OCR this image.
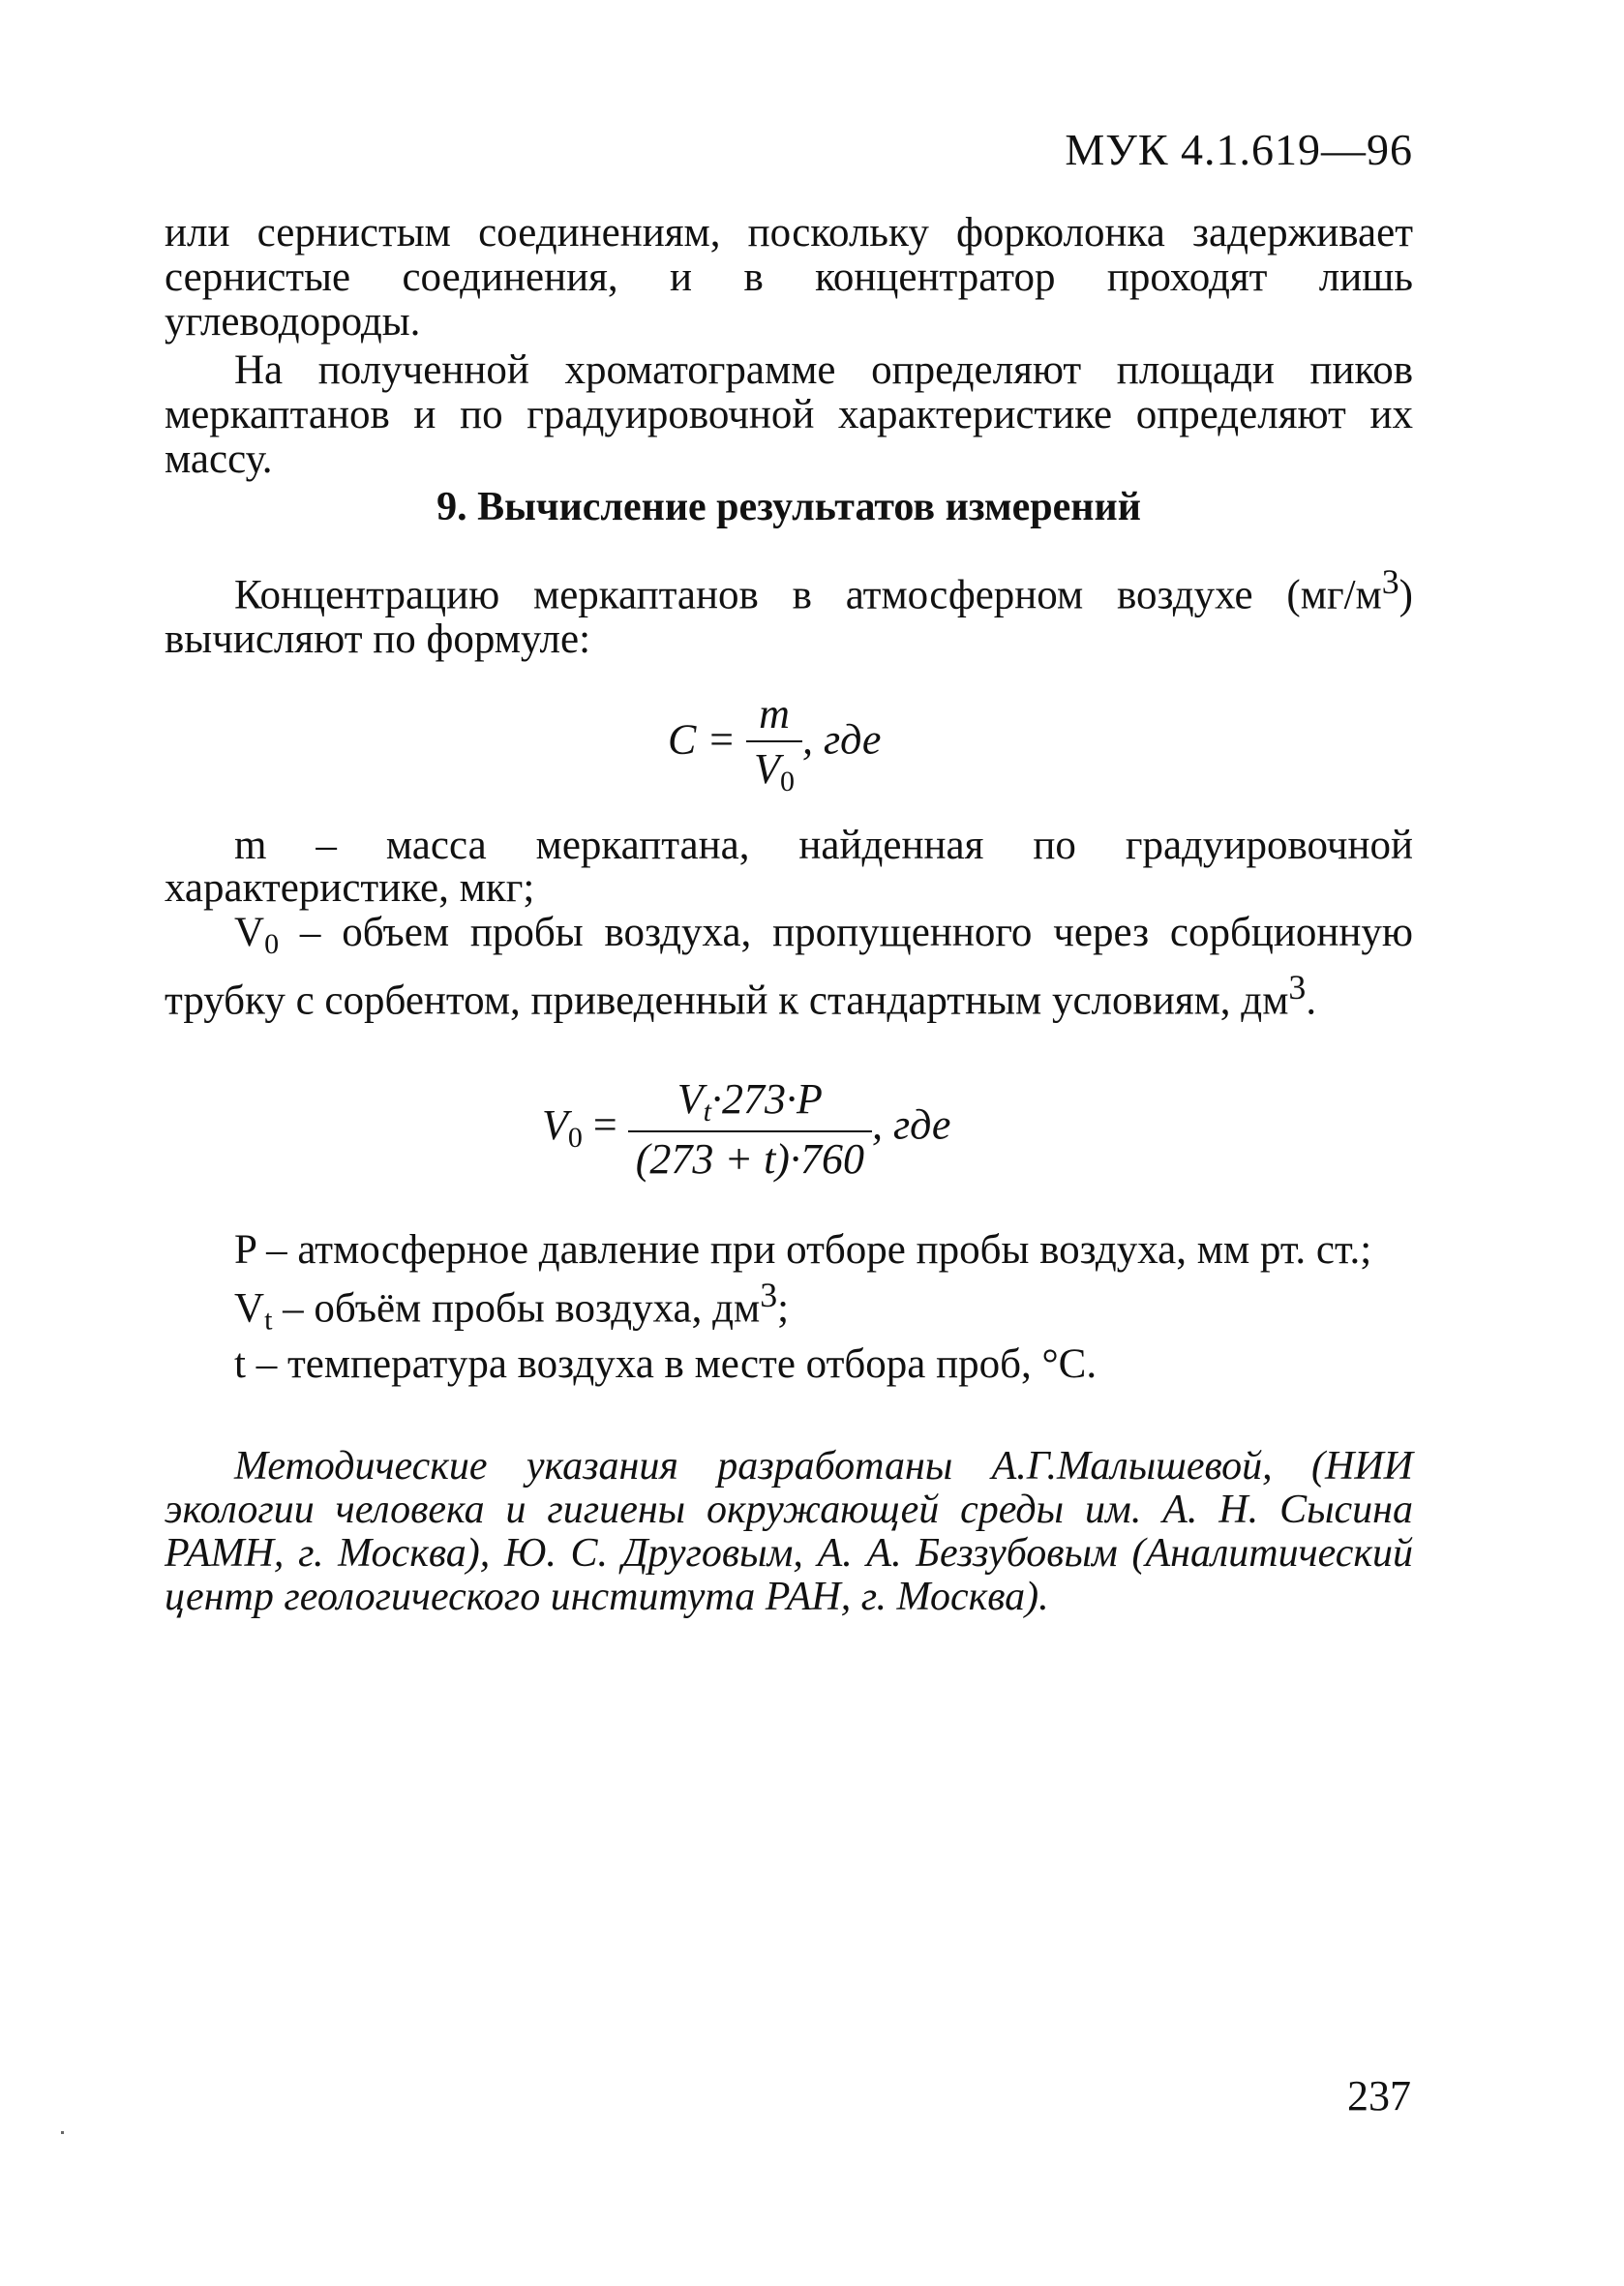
МУК 4.1.619—96

или сернистым соединениям, поскольку форколонка задерживает сернистые соединения, и в концентратор проходят лишь углеводороды.

На полученной хроматограмме определяют площади пиков меркаптанов и по градуировочной характеристике определяют их массу.

9. Вычисление результатов измерений

Концентрацию меркаптанов в атмосферном воздухе $(мг/м^3)$ вычисляют по формуле:

$C = \frac{m}{V_0}$ , где

m – масса меркаптана, найденная по градуировочной характеристике, мкг;

$V_0$ – объем пробы воздуха, пропущенного через сорбционную трубку с сорбентом, приведенный к стандартным условиям, $дм^3$.

$V_0 = \frac{V_t\cdot 273\cdot P}{(273 + t)\cdot 760}$ , где

P – атмосферное давление при отборе пробы воздуха, мм рт. ст.;

$V_t$ – объём пробы воздуха, $дм^3$;

t – температура воздуха в месте отбора проб, °C.

Методические указания разработаны А.Г.Малышевой, (НИИ экологии человека и гигиены окружающей среды им. А. Н. Сысина РАМН, г. Москва), Ю. С. Друговым, А. А. Беззубовым (Аналитический центр геологического института РАН, г. Москва).

237
